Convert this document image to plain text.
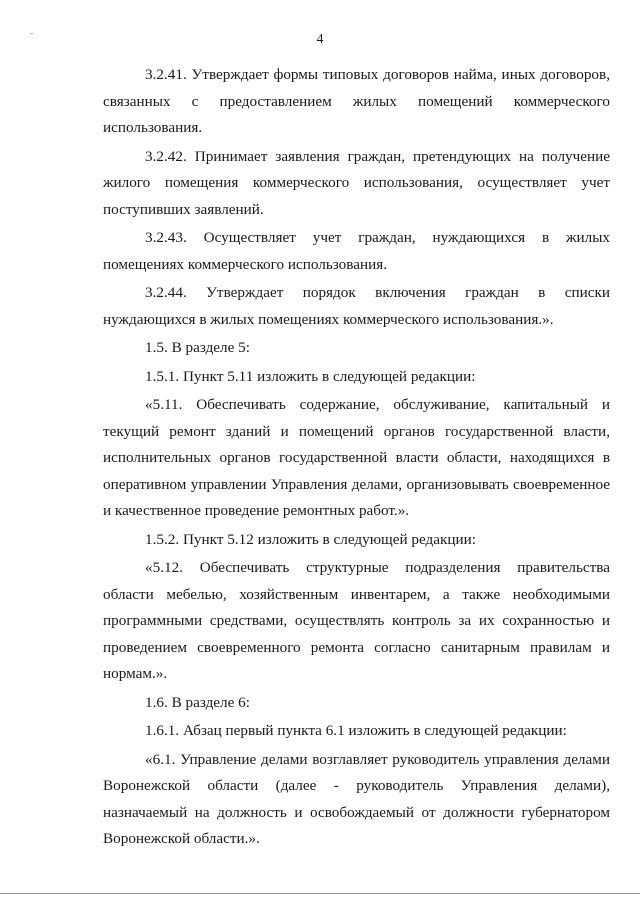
4

3.2.41. Утверждает формы типовых договоров найма, иных договоров, связанных с предоставлением жилых помещений коммерческого использования.

3.2.42. Принимает заявления граждан, претендующих на получение жилого помещения коммерческого использования, осуществляет учет поступивших заявлений.

3.2.43. Осуществляет учет граждан, нуждающихся в жилых помещениях коммерческого использования.

3.2.44. Утверждает порядок включения граждан в списки нуждающихся в жилых помещениях коммерческого использования.».

1.5. В разделе 5:

1.5.1. Пункт 5.11 изложить в следующей редакции:

«5.11. Обеспечивать содержание, обслуживание, капитальный и текущий ремонт зданий и помещений органов государственной власти, исполнительных органов государственной власти области, находящихся в оперативном управлении Управления делами, организовывать своевременное и качественное проведение ремонтных работ.».

1.5.2. Пункт 5.12 изложить в следующей редакции:

«5.12. Обеспечивать структурные подразделения правительства области мебелью, хозяйственным инвентарем, а также необходимыми программными средствами, осуществлять контроль за их сохранностью и проведением своевременного ремонта согласно санитарным правилам и нормам.».

1.6. В разделе 6:

1.6.1. Абзац первый пункта 6.1 изложить в следующей редакции:

«6.1. Управление делами возглавляет руководитель управления делами Воронежской области (далее - руководитель Управления делами), назначаемый на должность и освобождаемый от должности губернатором Воронежской области.».
